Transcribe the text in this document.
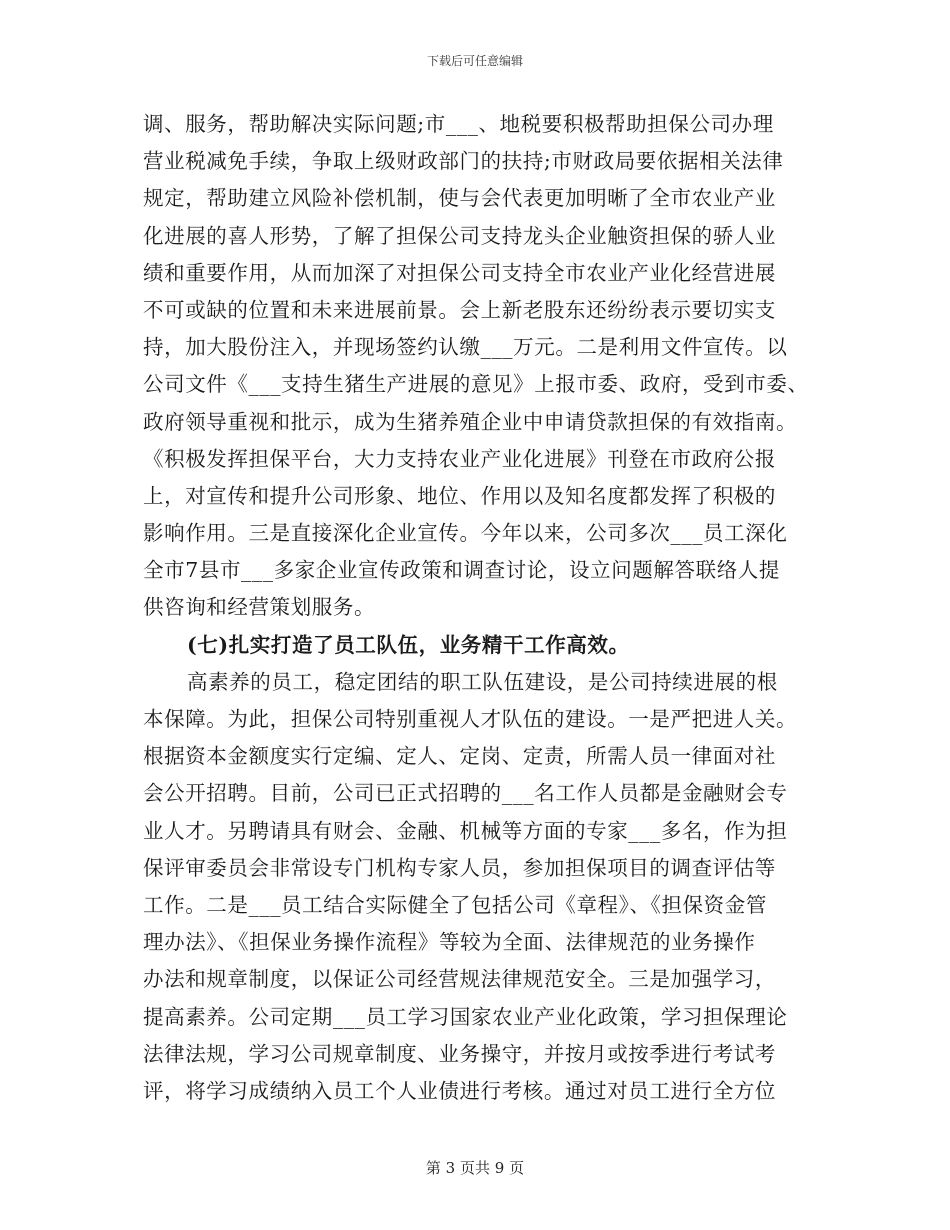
下载后可任意编辑
调、服务，帮助解决实际问题;市___、地税要积极帮助担保公司办理
营业税减免手续，争取上级财政部门的扶持;市财政局要依据相关法律
规定，帮助建立风险补偿机制，使与会代表更加明晰了全市农业产业
化进展的喜人形势，了解了担保公司支持龙头企业触资担保的骄人业
绩和重要作用，从而加深了对担保公司支持全市农业产业化经营进展
不可或缺的位置和未来进展前景。会上新老股东还纷纷表示要切实支
持，加大股份注入，并现场签约认缴___万元。二是利用文件宣传。以
公司文件《___支持生猪生产进展的意见》上报市委、政府，受到市委、
政府领导重视和批示，成为生猪养殖企业中申请贷款担保的有效指南。
《积极发挥担保平台，大力支持农业产业化进展》刊登在市政府公报
上，对宣传和提升公司形象、地位、作用以及知名度都发挥了积极的
影响作用。三是直接深化企业宣传。今年以来，公司多次___员工深化
全市7县市___多家企业宣传政策和调查讨论，设立问题解答联络人提
供咨询和经营策划服务。
(七)扎实打造了员工队伍，业务精干工作高效。
高素养的员工，稳定团结的职工队伍建设，是公司持续进展的根
本保障。为此，担保公司特别重视人才队伍的建设。一是严把进人关。
根据资本金额度实行定编、定人、定岗、定责，所需人员一律面对社
会公开招聘。目前，公司已正式招聘的___名工作人员都是金融财会专
业人才。另聘请具有财会、金融、机械等方面的专家___多名，作为担
保评审委员会非常设专门机构专家人员，参加担保项目的调查评估等
工作。二是___员工结合实际健全了包括公司《章程》、《担保资金管
理办法》、《担保业务操作流程》等较为全面、法律规范的业务操作
办法和规章制度，以保证公司经营规法律规范安全。三是加强学习，
提高素养。公司定期___员工学习国家农业产业化政策，学习担保理论
法律法规，学习公司规章制度、业务操守，并按月或按季进行考试考
评，将学习成绩纳入员工个人业债进行考核。通过对员工进行全方位
第 3 页共 9 页
